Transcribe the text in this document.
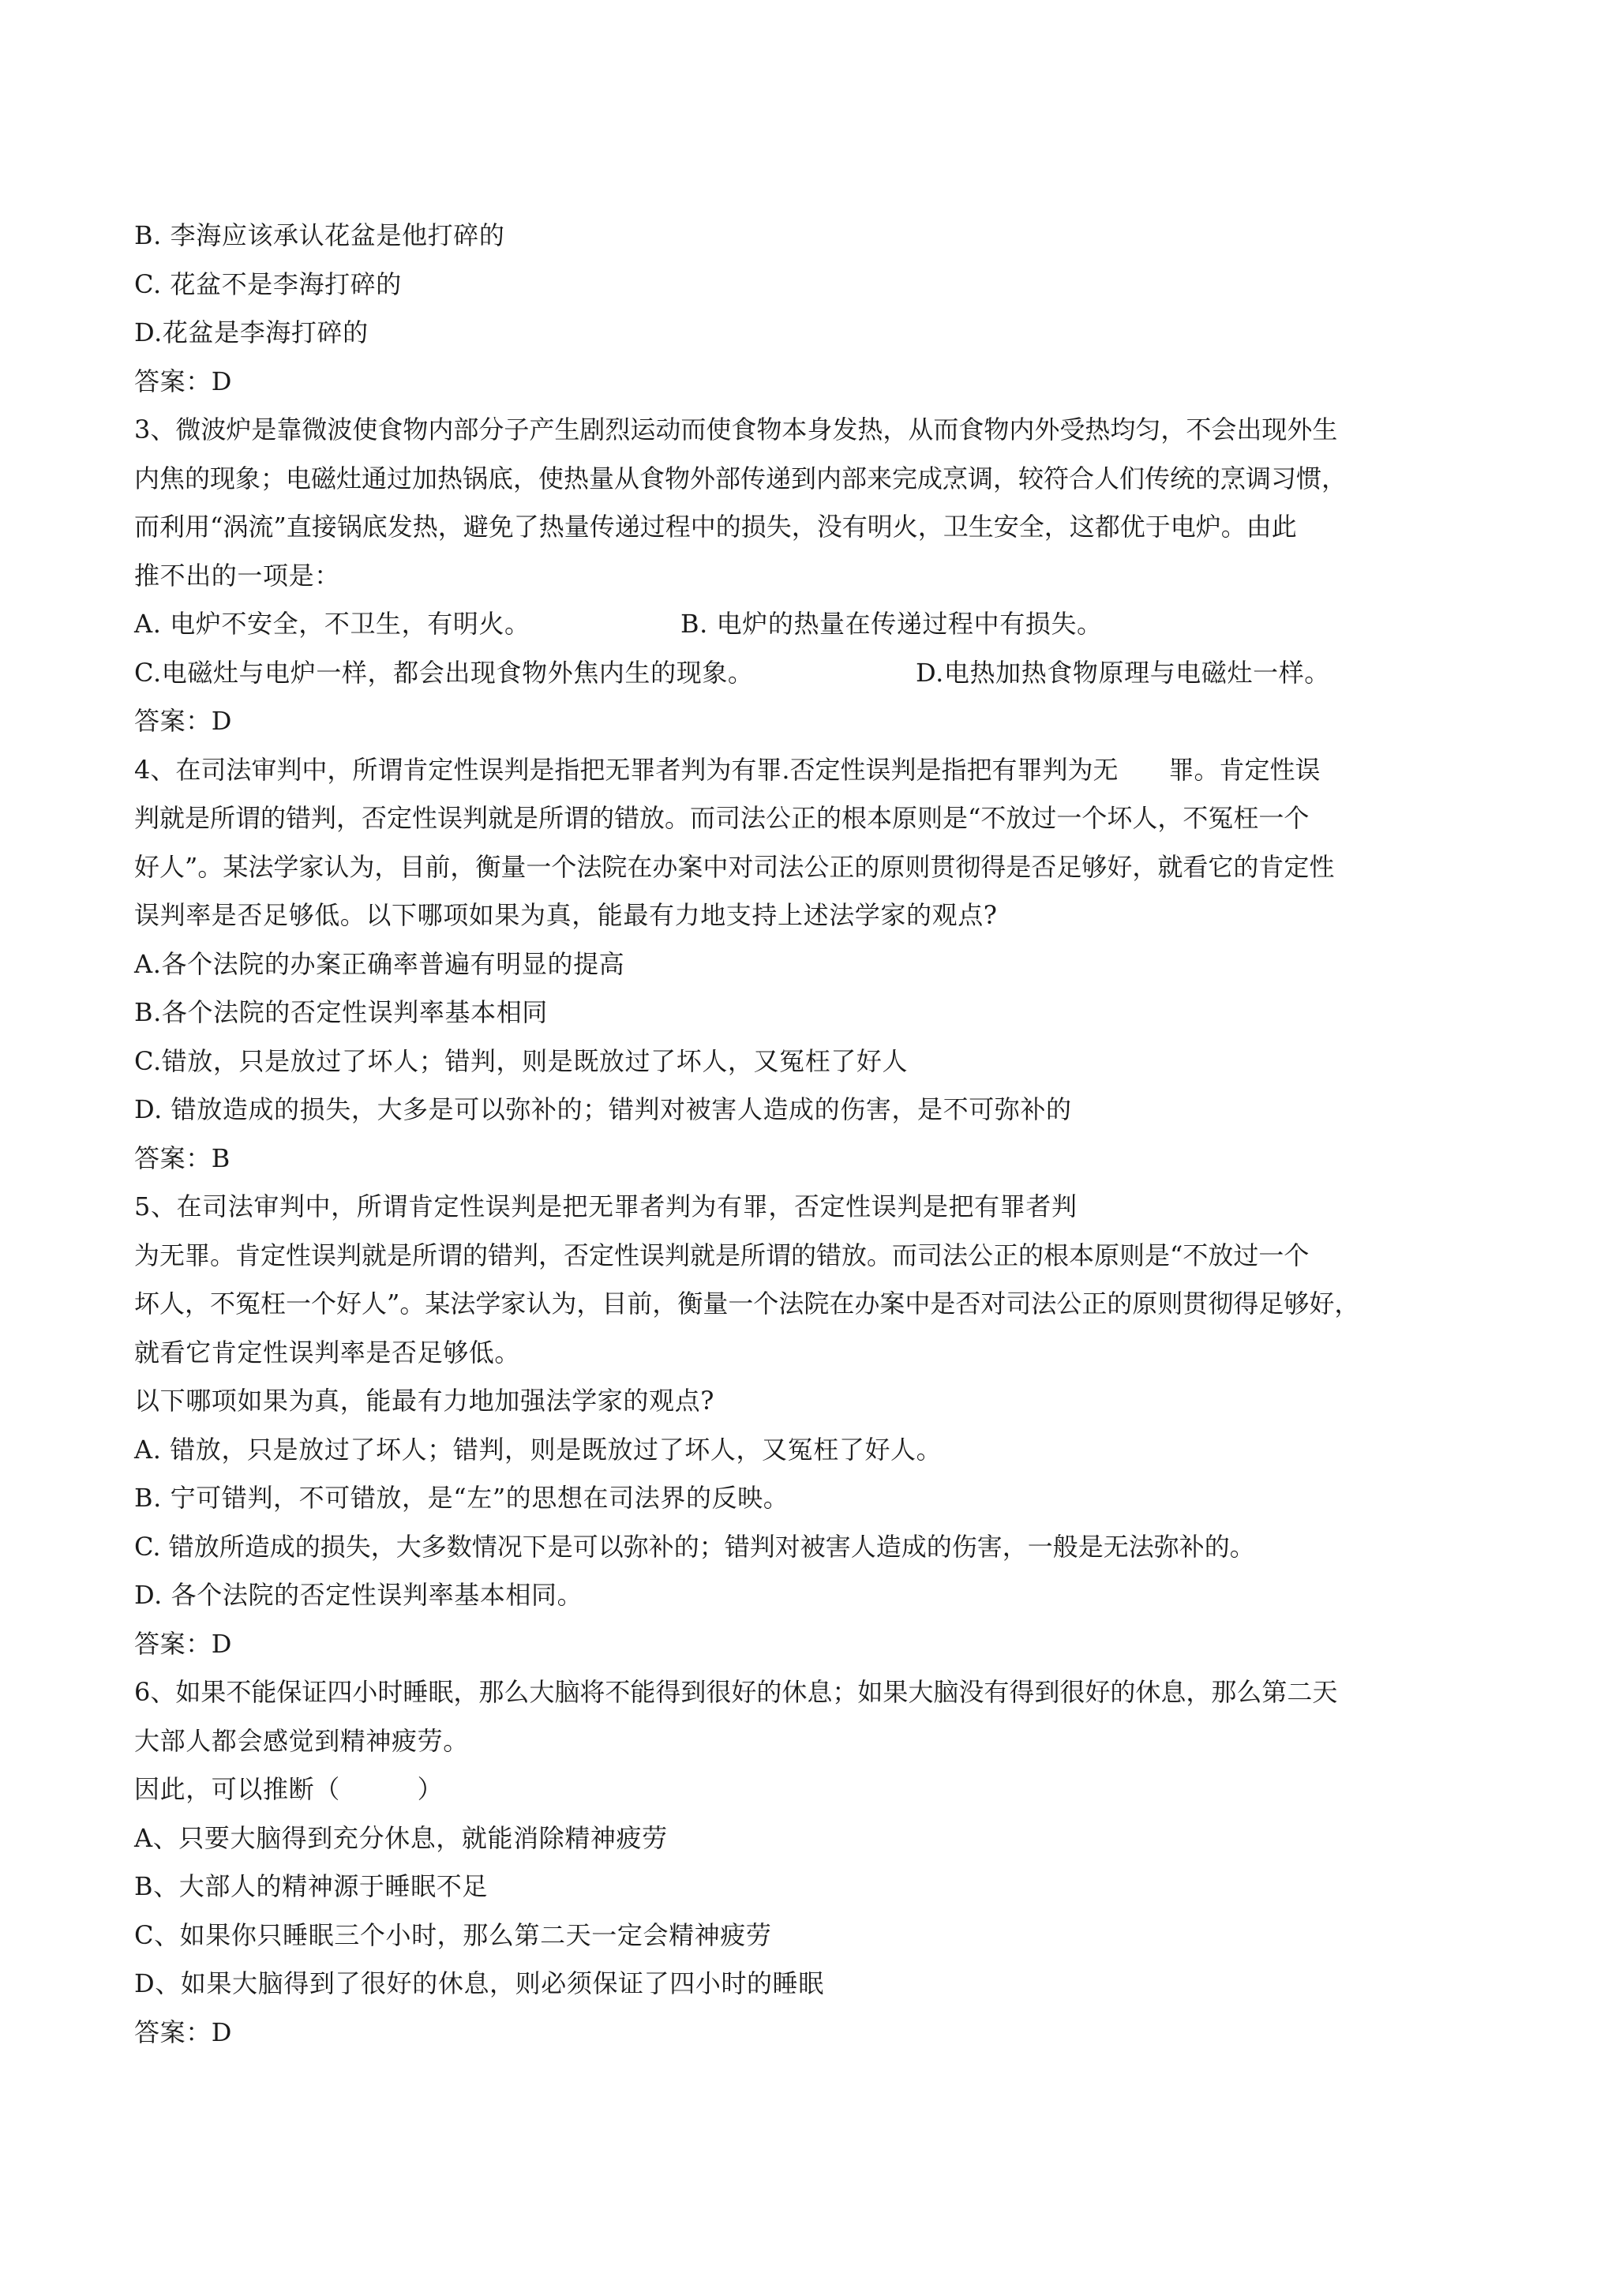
B. 李海应该承认花盆是他打碎的
C. 花盆不是李海打碎的
D.花盆是李海打碎的
答案：D
3、微波炉是靠微波使食物内部分子产生剧烈运动而使食物本身发热，从而食物内外受热均匀，不会出现外生
内焦的现象；电磁灶通过加热锅底，使热量从食物外部传递到内部来完成烹调，较符合人们传统的烹调习惯，
而利用“涡流”直接锅底发热，避免了热量传递过程中的损失，没有明火，卫生安全，这都优于电炉。由此
推不出的一项是：
A. 电炉不安全，不卫生，有明火。	B. 电炉的热量在传递过程中有损失。
C.电磁灶与电炉一样，都会出现食物外焦内生的现象。	D.电热加热食物原理与电磁灶一样。
答案：D
4、在司法审判中，所谓肯定性误判是指把无罪者判为有罪.否定性误判是指把有罪判为无　　罪。肯定性误
判就是所谓的错判，否定性误判就是所谓的错放。而司法公正的根本原则是“不放过一个坏人，不冤枉一个
好人”。某法学家认为，目前，衡量一个法院在办案中对司法公正的原则贯彻得是否足够好，就看它的肯定性
误判率是否足够低。以下哪项如果为真，能最有力地支持上述法学家的观点?
A.各个法院的办案正确率普遍有明显的提高
B.各个法院的否定性误判率基本相同
C.错放，只是放过了坏人；错判，则是既放过了坏人，又冤枉了好人
D. 错放造成的损失，大多是可以弥补的；错判对被害人造成的伤害，是不可弥补的
答案：B
5、在司法审判中，所谓肯定性误判是把无罪者判为有罪，否定性误判是把有罪者判
为无罪。肯定性误判就是所谓的错判，否定性误判就是所谓的错放。而司法公正的根本原则是“不放过一个
坏人，不冤枉一个好人”。某法学家认为，目前，衡量一个法院在办案中是否对司法公正的原则贯彻得足够好，
就看它肯定性误判率是否足够低。
以下哪项如果为真，能最有力地加强法学家的观点?
A. 错放，只是放过了坏人；错判，则是既放过了坏人，又冤枉了好人。
B. 宁可错判，不可错放，是“左”的思想在司法界的反映。
C. 错放所造成的损失，大多数情况下是可以弥补的；错判对被害人造成的伤害，一般是无法弥补的。
D. 各个法院的否定性误判率基本相同。
答案：D
6、如果不能保证四小时睡眠，那么大脑将不能得到很好的休息；如果大脑没有得到很好的休息，那么第二天
大部人都会感觉到精神疲劳。
因此，可以推断（　　　）
A、只要大脑得到充分休息，就能消除精神疲劳
B、大部人的精神源于睡眠不足
C、如果你只睡眠三个小时，那么第二天一定会精神疲劳
D、如果大脑得到了很好的休息，则必须保证了四小时的睡眠
答案：D
